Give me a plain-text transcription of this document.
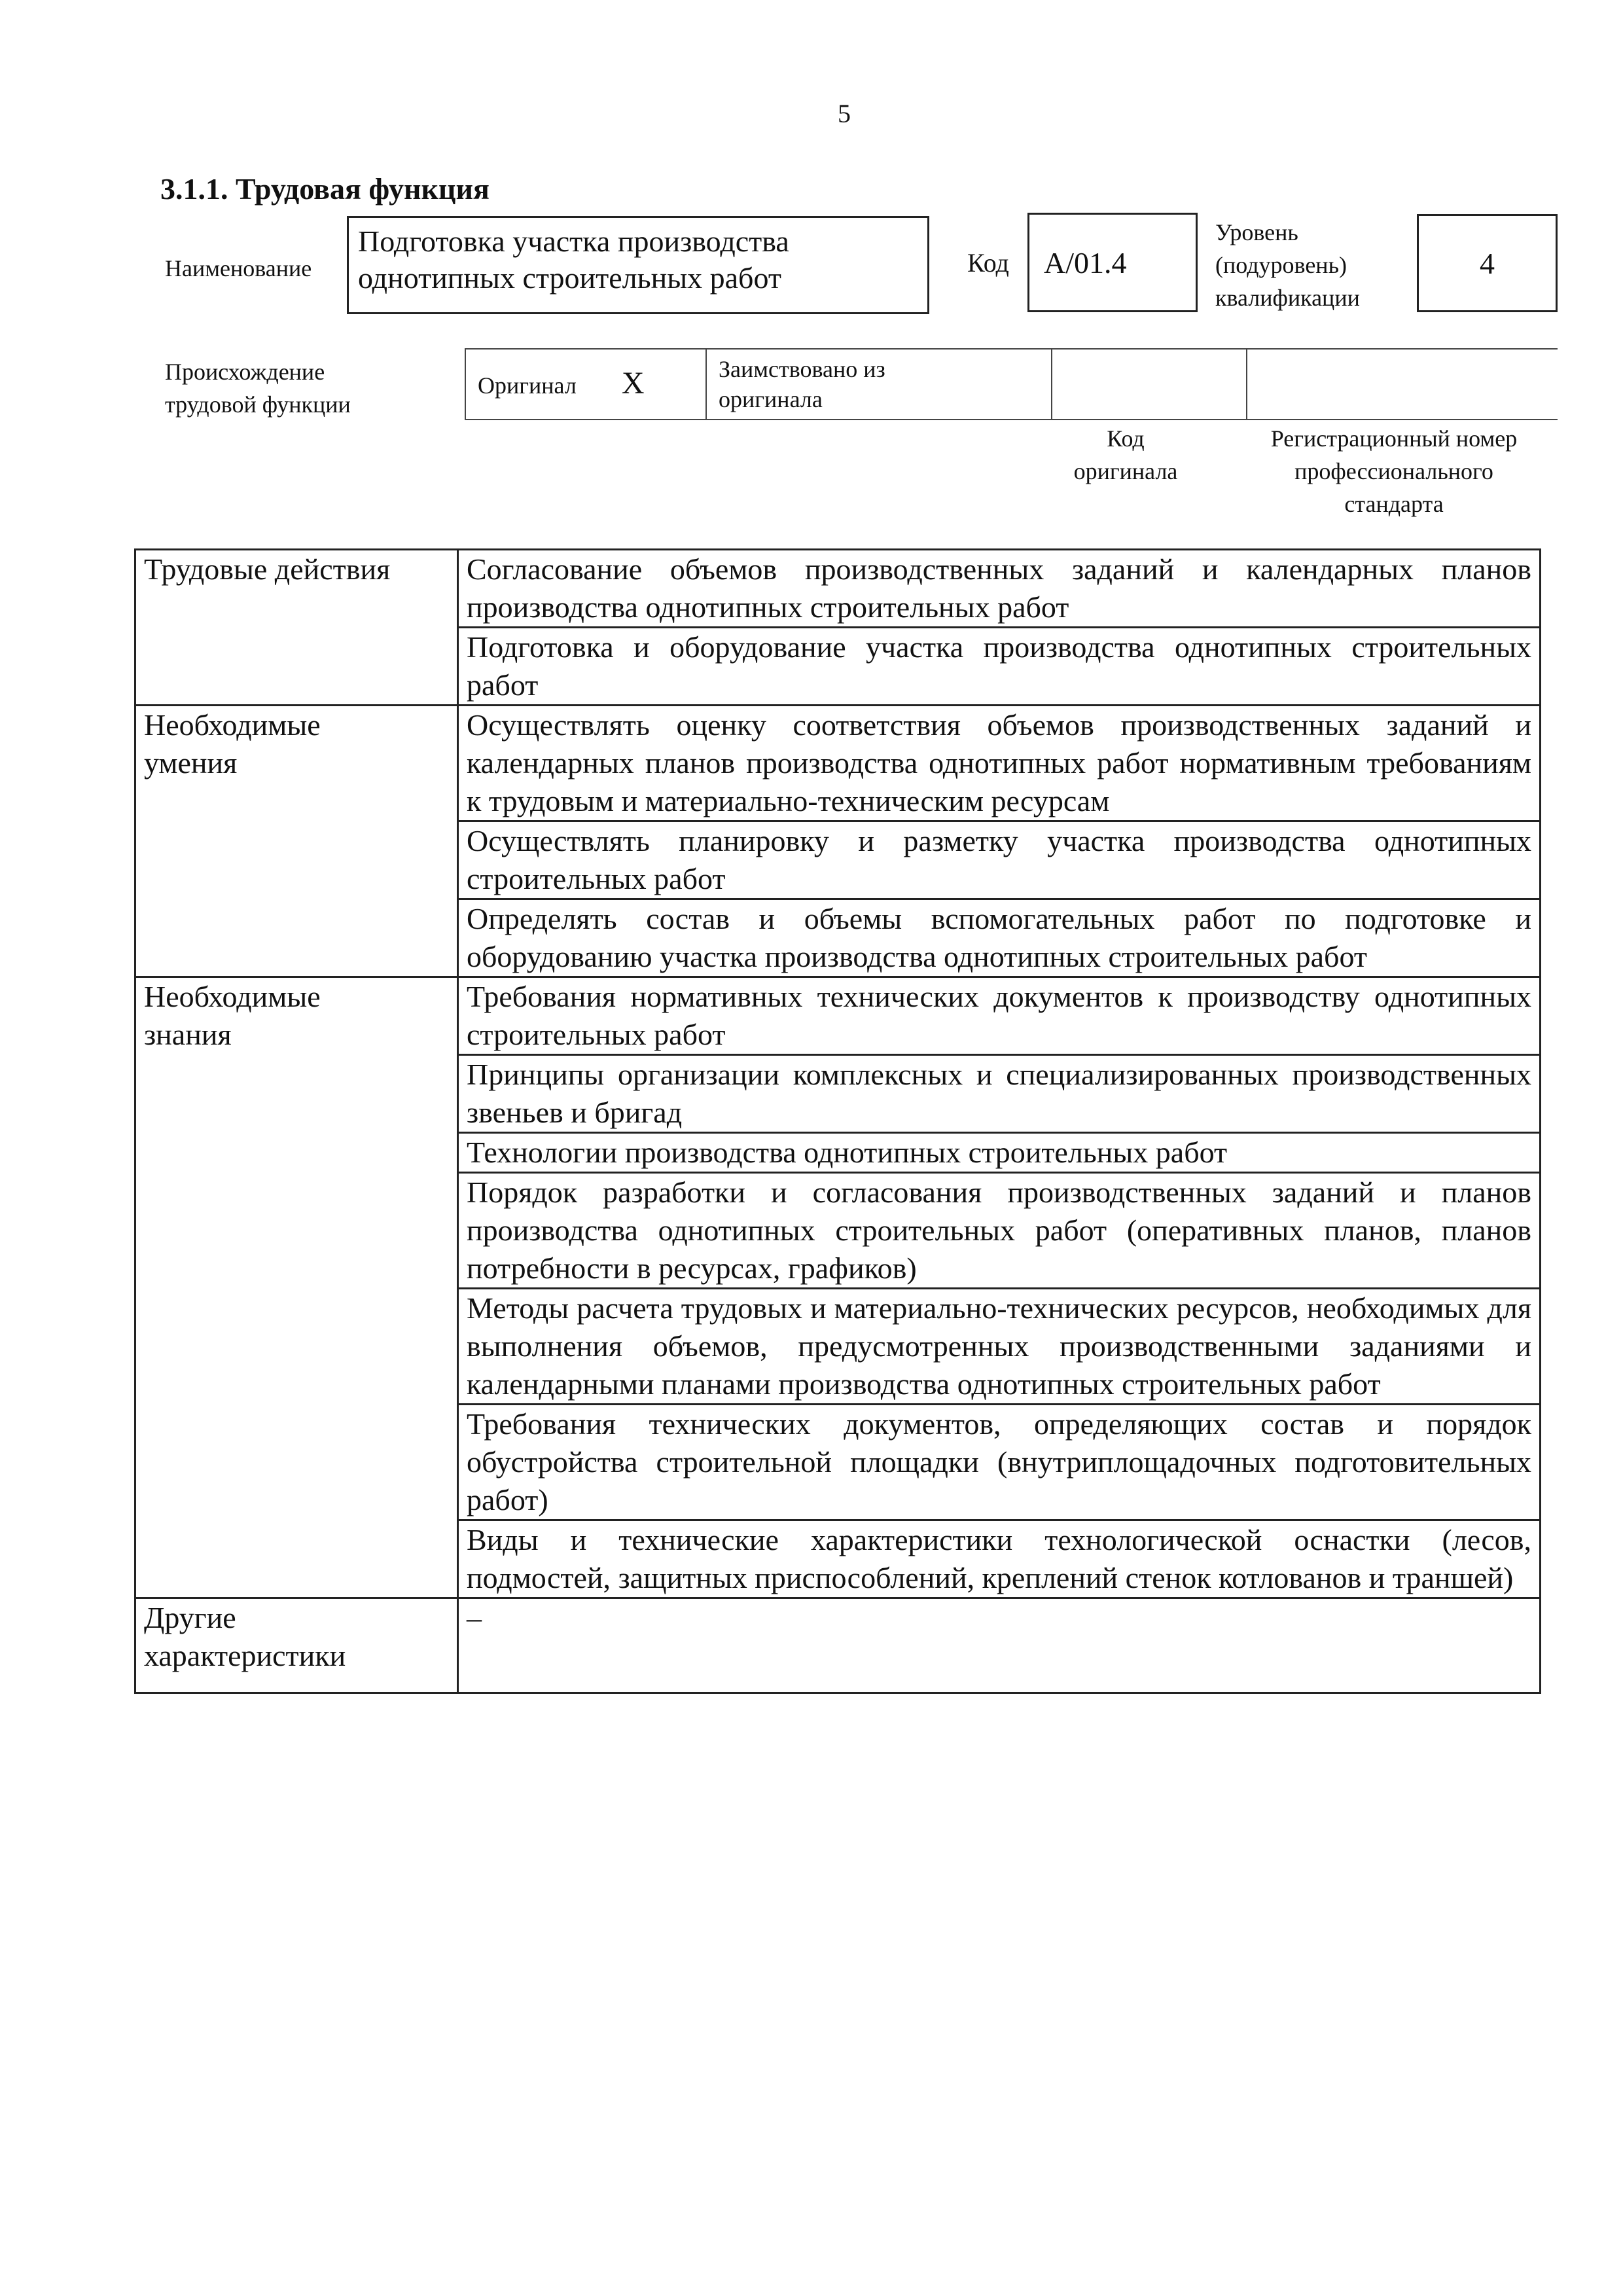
5
3.1.1. Трудовая функция
Наименование
Подготовка участка производства
однотипных строительных работ	Код А/01.4
Уровень
(подуровень)
квалификации
4
Происхождение
трудовой функции
Оригинал X	Заимствовано из
оригинала

Код
оригинала
Регистрационный номер
профессионального
стандарта
Трудовые действия	Согласование объемов производственных заданий и календарных планов производства однотипных строительных работ
	Подготовка и оборудование участка производства однотипных строительных работ

Необходимые
умения	Осуществлять оценку соответствия объемов производственных заданий и календарных планов производства однотипных работ нормативным требованиям к трудовым и материально-техническим ресурсам
	Осуществлять планировку и разметку участка производства однотипных строительных работ
	Определять состав и объемы вспомогательных работ по подготовке и оборудованию участка производства однотипных строительных работ

Необходимые
знания	Требования нормативных технических документов к производству однотипных строительных работ
	Принципы организации комплексных и специализированных производственных звеньев и бригад
	Технологии производства однотипных строительных работ
	Порядок разработки и согласования производственных заданий и планов производства однотипных строительных работ (оперативных планов, планов потребности в ресурсах, графиков)
	Методы расчета трудовых и материально-технических ресурсов, необходимых для выполнения объемов, предусмотренных производственными заданиями и календарными планами производства однотипных строительных работ
	Требования технических документов, определяющих состав и порядок обустройства строительной площадки (внутриплощадочных подготовительных работ)
	Виды и технические характеристики технологической оснастки (лесов, подмостей, защитных приспособлений, креплений стенок котлованов и траншей)

Другие
характеристики	–
